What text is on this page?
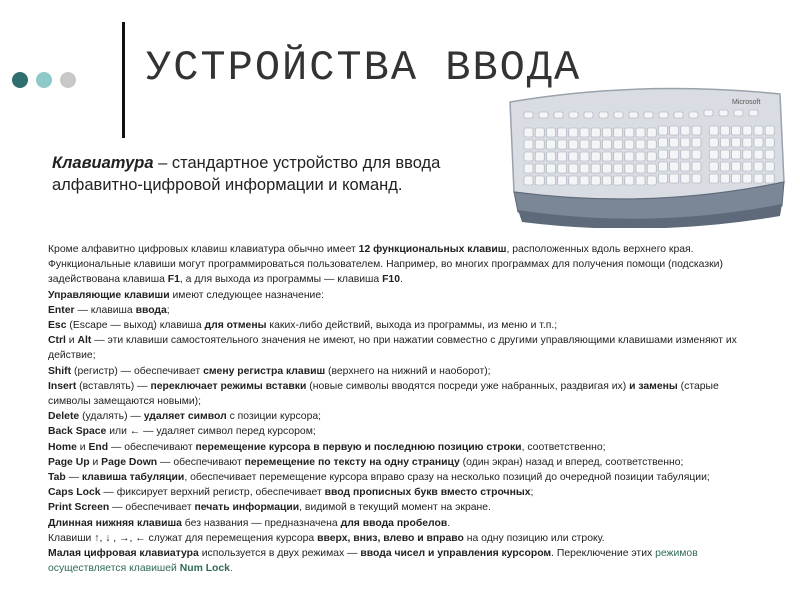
УСТРОЙСТВА ВВОДА
Клавиатура – стандартное устройство для ввода алфавитно-цифровой информации и команд.
Microsoft

Кроме алфавитно цифровых клавиш клавиатура обычно имеет 12 функциональных клавиш, расположенных вдоль верхнего края. Функциональные клавиши могут программироваться пользователем. Например, во многих программах для получения помощи (подсказки) задействована клавиша F1, а для выхода из программы — клавиша F10.

Управляющие клавиши имеют следующее назначение:

Enter — клавиша ввода;

Esc (Escape — выход) клавиша для отмены каких-либо действий, выхода из программы, из меню и т.п.;

Ctrl и Alt — эти клавиши самостоятельного значения не имеют, но при нажатии совместно с другими управляющими клавишами изменяют их действие;

Shift (регистр) — обеспечивает смену регистра клавиш (верхнего на нижний и наоборот);

Insert (вставлять) — переключает режимы вставки (новые символы вводятся посреди уже набранных, раздвигая их) и замены (старые символы замещаются новыми);

Delete (удалять) — удаляет символ с позиции курсора;

Back Space или ← — удаляет символ перед курсором;

Home и End — обеспечивают перемещение курсора в первую и последнюю позицию строки, соответственно;

Page Up и Page Down — обеспечивают перемещение по тексту на одну страницу (один экран) назад и вперед, соответственно;

Tab — клавиша табуляции, обеспечивает перемещение курсора вправо сразу на несколько позиций до очередной позиции табуляции;

Caps Lock — фиксирует верхний регистр, обеспечивает ввод прописных букв вместо строчных;

Print Screen — обеспечивает печать информации, видимой в текущий момент на экране.

Длинная нижняя клавиша без названия — предназначена для ввода пробелов.

Клавиши ↑, ↓ , →, ← служат для перемещения курсора вверх, вниз, влево и вправо на одну позицию или строку.

Малая цифровая клавиатура используется в двух режимах — ввода чисел и управления курсором. Переключение этих режимов осуществляется клавишей Num Lock.
